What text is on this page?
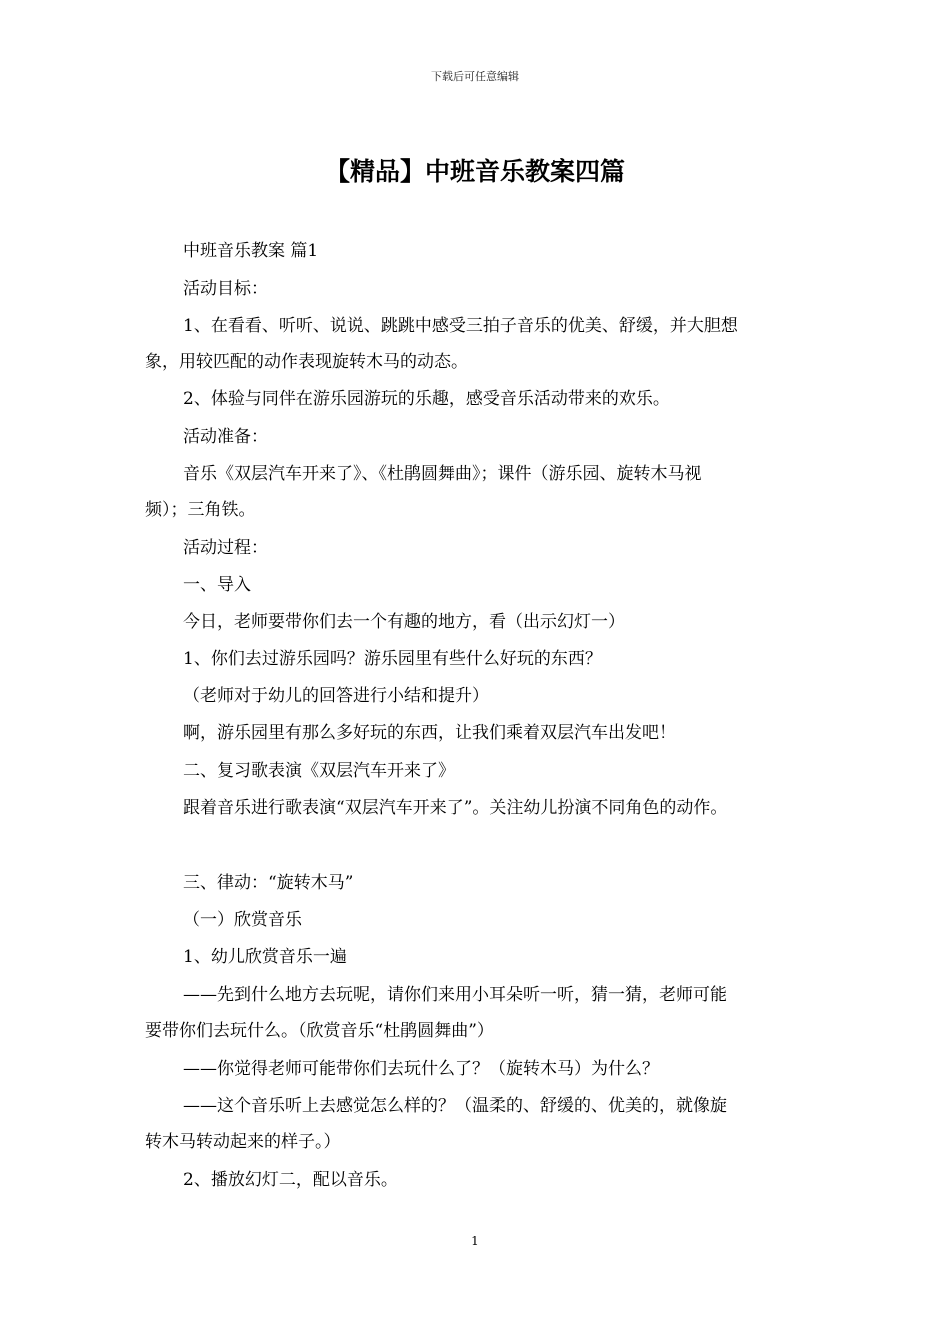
下载后可任意编辑
【精品】中班音乐教案四篇
中班音乐教案 篇1
活动目标：
1、在看看、听听、说说、跳跳中感受三拍子音乐的优美、舒缓，并大胆想
象，用较匹配的动作表现旋转木马的动态。
2、体验与同伴在游乐园游玩的乐趣，感受音乐活动带来的欢乐。
活动准备：
音乐《双层汽车开来了》、《杜鹃圆舞曲》；课件（游乐园、旋转木马视
频）；三角铁。
活动过程：
一、导入
今日，老师要带你们去一个有趣的地方，看（出示幻灯一）
1、你们去过游乐园吗？游乐园里有些什么好玩的东西？
（老师对于幼儿的回答进行小结和提升）
啊，游乐园里有那么多好玩的东西，让我们乘着双层汽车出发吧！
二、复习歌表演《双层汽车开来了》
跟着音乐进行歌表演“双层汽车开来了”。关注幼儿扮演不同角色的动作。
三、律动：“旋转木马”
（一）欣赏音乐
1、幼儿欣赏音乐一遍
——先到什么地方去玩呢，请你们来用小耳朵听一听，猜一猜，老师可能
要带你们去玩什么。（欣赏音乐“杜鹃圆舞曲”）
——你觉得老师可能带你们去玩什么了？（旋转木马）为什么？
——这个音乐听上去感觉怎么样的？（温柔的、舒缓的、优美的，就像旋
转木马转动起来的样子。）
2、播放幻灯二，配以音乐。
1
